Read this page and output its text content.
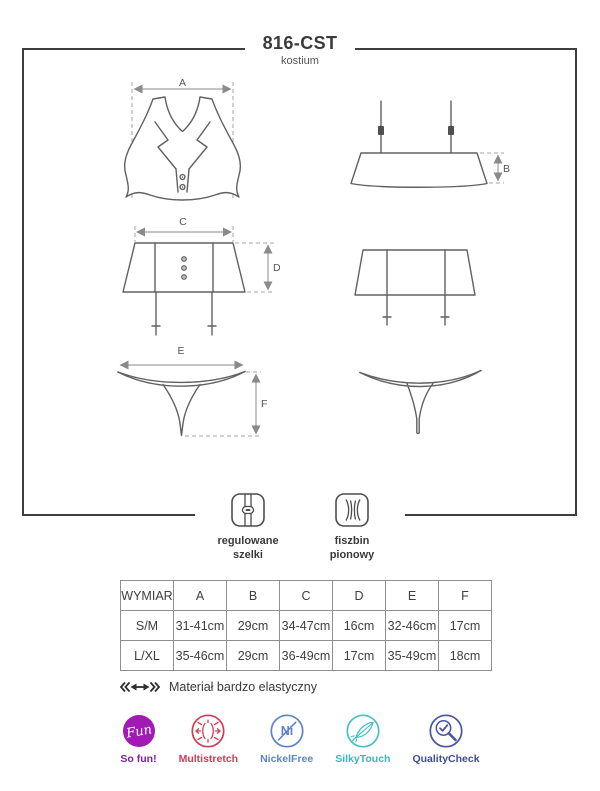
816-CST
kostium
A
B
C
D
E
F
regulowane
szelki
fiszbin
pionowy
WYMIAR	A	B	C	D	E	F
S/M	31-41cm	29cm	34-47cm	16cm	32-46cm	17cm
L/XL	35-46cm	29cm	36-49cm	17cm	35-49cm	18cm
Materiał bardzo elastyczny
Fun
So fun! Multistretch
Ni
NickelFree SilkyTouch QualityCheck
